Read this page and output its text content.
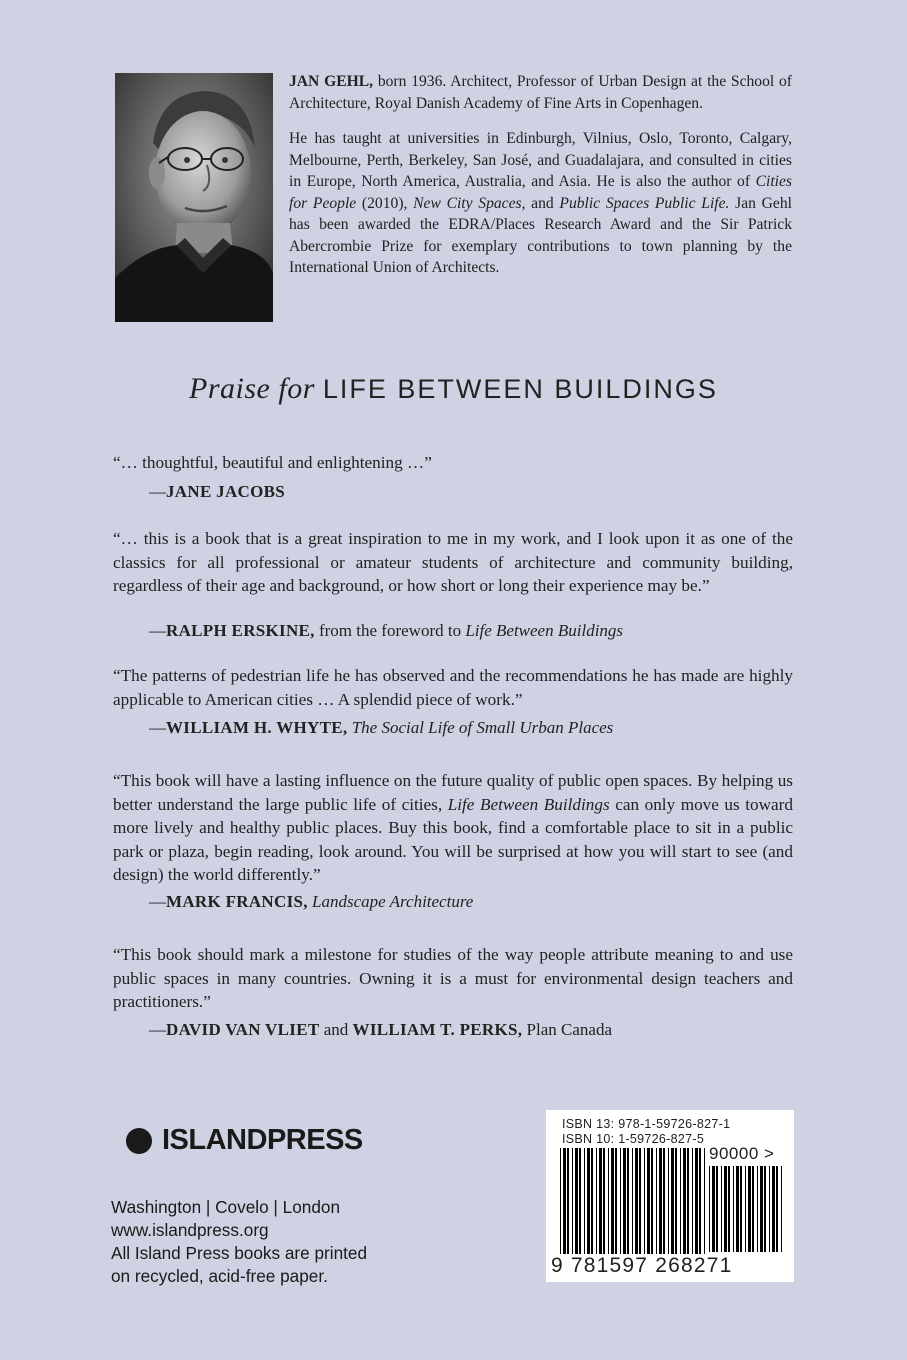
JAN GEHL, born 1936. Architect, Professor of Urban Design at the School of Architecture, Royal Danish Academy of Fine Arts in Copenhagen.

He has taught at universities in Edinburgh, Vilnius, Oslo, Toronto, Calgary, Melbourne, Perth, Berkeley, San José, and Guadalajara, and consulted in cities in Europe, North America, Australia, and Asia. He is also the author of Cities for People (2010), New City Spaces, and Public Spaces Public Life. Jan Gehl has been awarded the EDRA/Places Research Award and the Sir Patrick Abercrombie Prize for exemplary contributions to town planning by the International Union of Architects.

Praise for LIFE BETWEEN BUILDINGS
“… thoughtful, beautiful and enlightening …”
—JANE JACOBS
“… this is a book that is a great inspiration to me in my work, and I look upon it as one of the classics for all professional or amateur students of architecture and community building, regardless of their age and background, or how short or long their experience may be.”
—RALPH ERSKINE, from the foreword to Life Between Buildings
“The patterns of pedestrian life he has observed and the recommendations he has made are highly applicable to American cities … A splendid piece of work.”
—WILLIAM H. WHYTE, The Social Life of Small Urban Places
“This book will have a lasting influence on the future quality of public open spaces. By helping us better understand the large public life of cities, Life Between Buildings can only move us toward more lively and healthy public places. Buy this book, find a comfortable place to sit in a public park or plaza, begin reading, look around. You will be surprised at how you will start to see (and design) the world differently.”
—MARK FRANCIS, Landscape Architecture
“This book should mark a milestone for studies of the way people attribute meaning to and use public spaces in many countries. Owning it is a must for environmental design teachers and practitioners.”
—DAVID VAN VLIET and WILLIAM T. PERKS, Plan Canada
ISLANDPRESS
Washington | Covelo | London
www.islandpress.org
All Island Press books are printed
on recycled, acid-free paper.
ISBN 13: 978-1-59726-827-1
ISBN 10: 1-59726-827-5
90000 >
9 781597 268271
